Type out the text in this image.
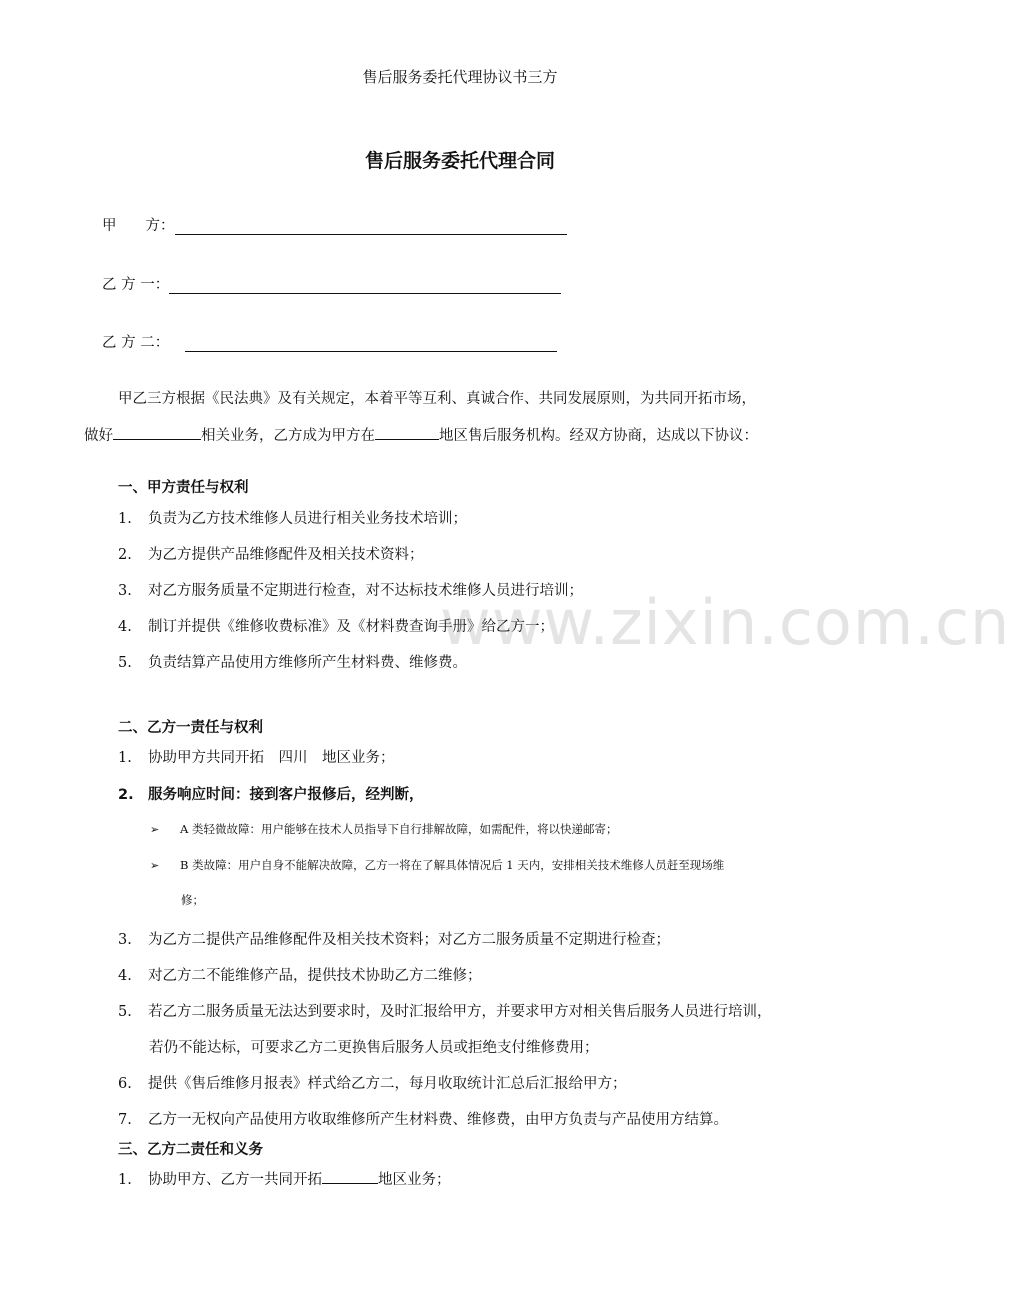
售后服务委托代理协议书三方
售后服务委托代理合同
甲　　方：
乙 方 一：
乙 方 二：
甲乙三方根据《民法典》及有关规定，本着平等互利、真诚合作、共同发展原则，为共同开拓市场，
做好	相关业务，乙方成为甲方在	地区售后服务机构。经双方协商，达成以下协议：
一、甲方责任与权利
1. 负责为乙方技术维修人员进行相关业务技术培训；
2. 为乙方提供产品维修配件及相关技术资料；
3. 对乙方服务质量不定期进行检查，对不达标技术维修人员进行培训；
4. 制订并提供《维修收费标准》及《材料费查询手册》给乙方一；
5. 负责结算产品使用方维修所产生材料费、维修费。
二、乙方一责任与权利
1. 协助甲方共同开拓　四川　地区业务；
2. 服务响应时间：接到客户报修后，经判断，
➢ A 类轻微故障：用户能够在技术人员指导下自行排解故障，如需配件，将以快递邮寄；
➢ B 类故障：用户自身不能解决故障，乙方一将在了解具体情况后 1 天内，安排相关技术维修人员赶至现场维
修；
3. 为乙方二提供产品维修配件及相关技术资料；对乙方二服务质量不定期进行检查；
4. 对乙方二不能维修产品，提供技术协助乙方二维修；
5. 若乙方二服务质量无法达到要求时，及时汇报给甲方，并要求甲方对相关售后服务人员进行培训，
若仍不能达标，可要求乙方二更换售后服务人员或拒绝支付维修费用；
6. 提供《售后维修月报表》样式给乙方二，每月收取统计汇总后汇报给甲方；
7. 乙方一无权向产品使用方收取维修所产生材料费、维修费，由甲方负责与产品使用方结算。
三、乙方二责任和义务
1. 协助甲方、乙方一共同开拓	地区业务；
www.zixin.com.cn
